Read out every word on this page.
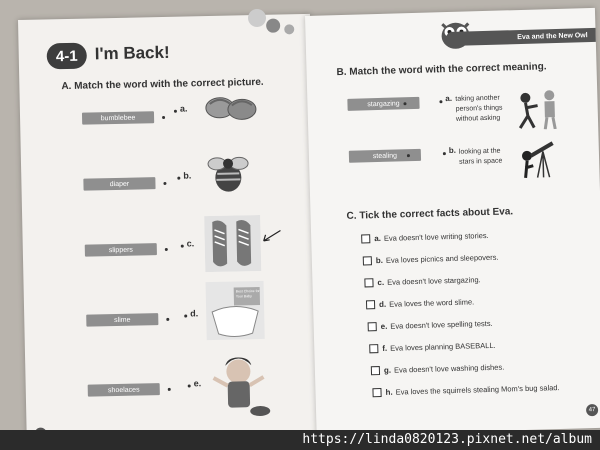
4-1 I'm Back!
A. Match the word with the correct picture.
bumblebee
diaper
slippers
slime
shoelaces
a.
b.
c.
d.
e.
Best Choice for Your Baby
Eva and the New Owl
B. Match the word with the correct meaning.
stargazing
stealing
a. taking another person's things without asking
b. looking at the stars in space
C. Tick the correct facts about Eva.
a. Eva doesn't love writing stories.
b. Eva loves picnics and sleepovers.
c. Eva doesn't love stargazing.
d. Eva loves the word slime.
e. Eva doesn't love spelling tests.
f. Eva loves planning BASEBALL.
g. Eva doesn't love washing dishes.
h. Eva loves the squirrels stealing Mom's bug salad.
47
https://linda0820123.pixnet.net/album
